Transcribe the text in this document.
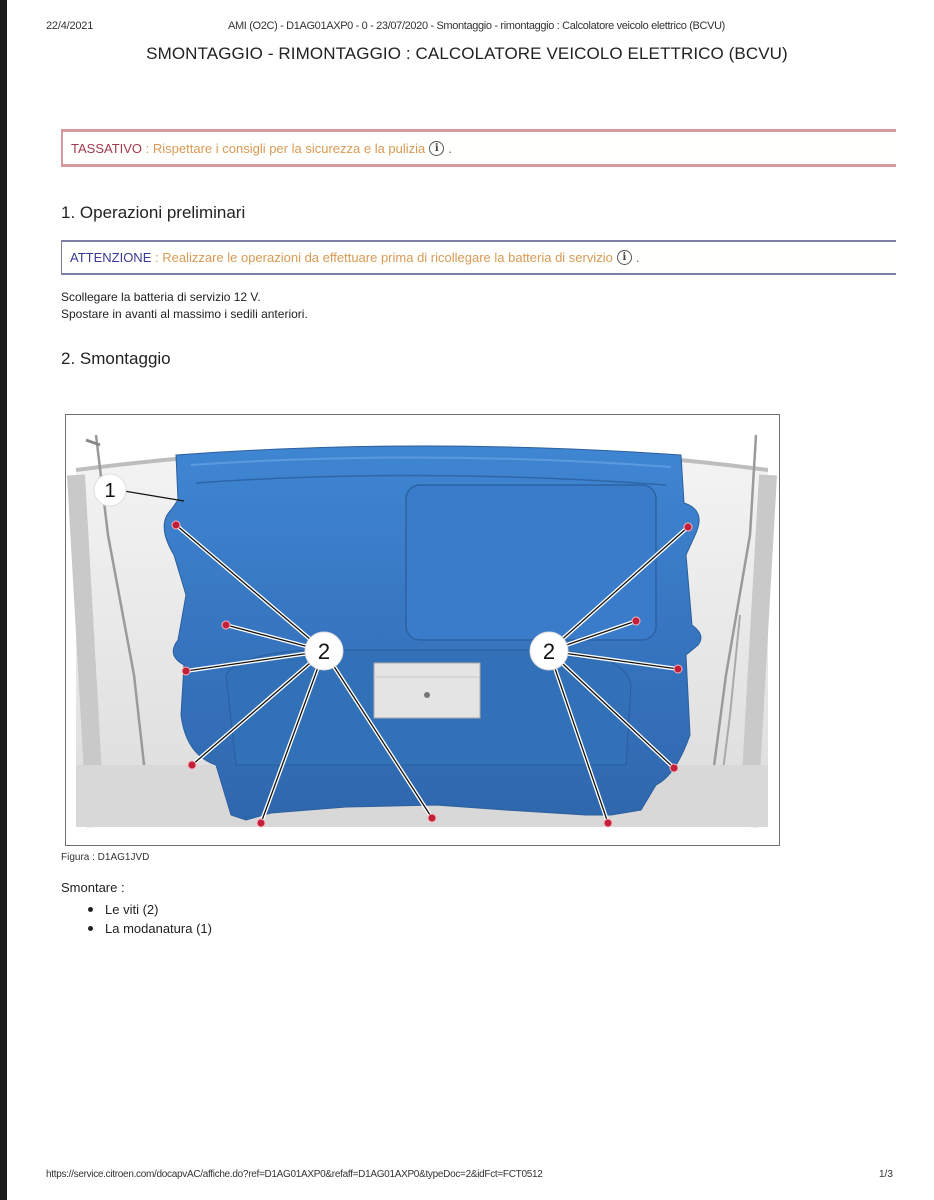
22/4/2021	AMI (O2C) - D1AG01AXP0 - 0 - 23/07/2020 - Smontaggio - rimontaggio : Calcolatore veicolo elettrico (BCVU)
SMONTAGGIO - RIMONTAGGIO : CALCOLATORE VEICOLO ELETTRICO (BCVU)
TASSATIVO : Rispettare i consigli per la sicurezza e la pulizia i .
1. Operazioni preliminari
ATTENZIONE : Realizzare le operazioni da effettuare prima di ricollegare la batteria di servizio i .
Scollegare la batteria di servizio 12 V.
Spostare in avanti al massimo i sedili anteriori.
2. Smontaggio
1
2	2
Figura : D1AG1JVD
Smontare :
Le viti (2)
La modanatura (1)
https://service.citroen.com/docapvAC/affiche.do?ref=D1AG01AXP0&refaff=D1AG01AXP0&typeDoc=2&idFct=FCT0512	1/3
